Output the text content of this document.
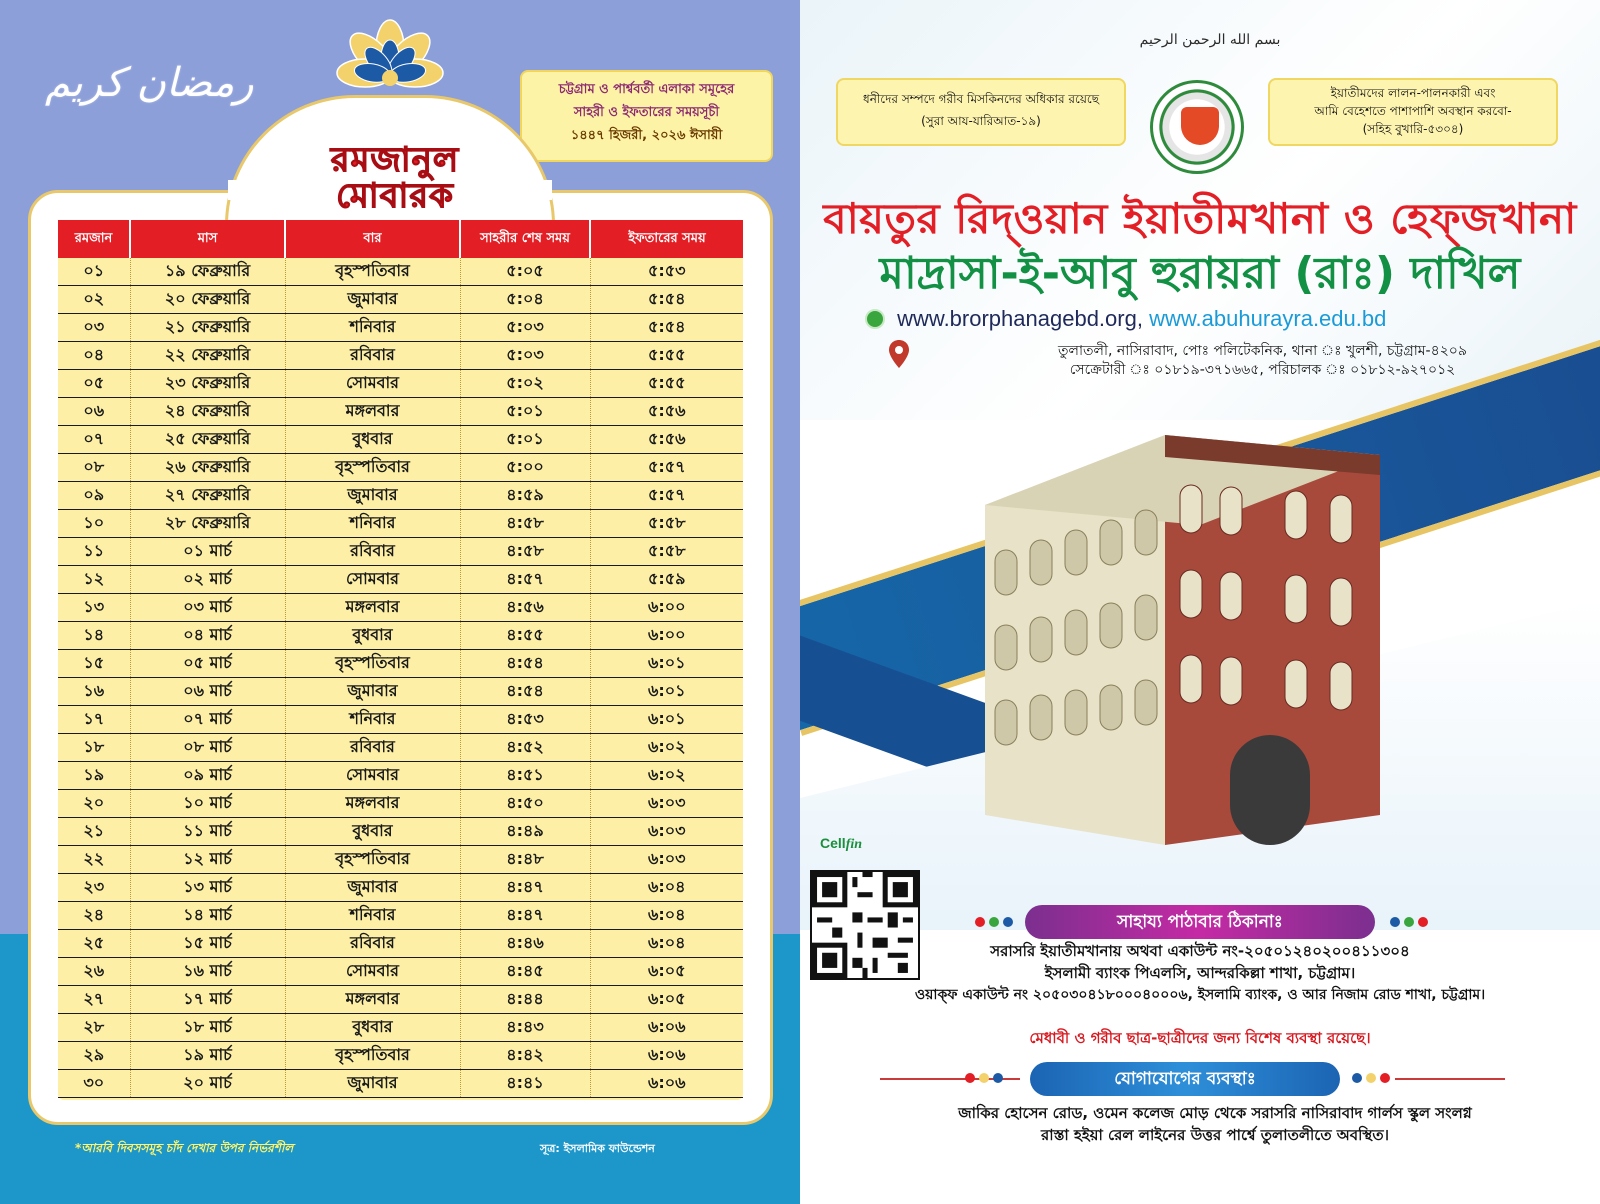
رمضان كريم	চট্টগ্রাম ও পার্শ্ববর্তী এলাকা সমূহের
সাহরী ও ইফতারের সময়সূচী
১৪৪৭ হিজরী, ২০২৬ ঈসায়ী
রমজানুল
মোবারক
রমজান	মাস	বার	সাহরীর শেষ সময়	ইফতারের সময়
০১	১৯ ফেব্রুয়ারি	বৃহস্পতিবার	৫:০৫	৫:৫৩
০২	২০ ফেব্রুয়ারি	জুমাবার	৫:০৪	৫:৫৪
০৩	২১ ফেব্রুয়ারি	শনিবার	৫:০৩	৫:৫৪
০৪	২২ ফেব্রুয়ারি	রবিবার	৫:০৩	৫:৫৫
০৫	২৩ ফেব্রুয়ারি	সোমবার	৫:০২	৫:৫৫
০৬	২৪ ফেব্রুয়ারি	মঙ্গলবার	৫:০১	৫:৫৬
০৭	২৫ ফেব্রুয়ারি	বুধবার	৫:০১	৫:৫৬
০৮	২৬ ফেব্রুয়ারি	বৃহস্পতিবার	৫:০০	৫:৫৭
০৯	২৭ ফেব্রুয়ারি	জুমাবার	৪:৫৯	৫:৫৭
১০	২৮ ফেব্রুয়ারি	শনিবার	৪:৫৮	৫:৫৮
১১	০১ মার্চ	রবিবার	৪:৫৮	৫:৫৮
১২	০২ মার্চ	সোমবার	৪:৫৭	৫:৫৯
১৩	০৩ মার্চ	মঙ্গলবার	৪:৫৬	৬:০০
১৪	০৪ মার্চ	বুধবার	৪:৫৫	৬:০০
১৫	০৫ মার্চ	বৃহস্পতিবার	৪:৫৪	৬:০১
১৬	০৬ মার্চ	জুমাবার	৪:৫৪	৬:০১
১৭	০৭ মার্চ	শনিবার	৪:৫৩	৬:০১
১৮	০৮ মার্চ	রবিবার	৪:৫২	৬:০২
১৯	০৯ মার্চ	সোমবার	৪:৫১	৬:০২
২০	১০ মার্চ	মঙ্গলবার	৪:৫০	৬:০৩
২১	১১ মার্চ	বুধবার	৪:৪৯	৬:০৩
২২	১২ মার্চ	বৃহস্পতিবার	৪:৪৮	৬:০৩
২৩	১৩ মার্চ	জুমাবার	৪:৪৭	৬:০৪
২৪	১৪ মার্চ	শনিবার	৪:৪৭	৬:০৪
২৫	১৫ মার্চ	রবিবার	৪:৪৬	৬:০৪
২৬	১৬ মার্চ	সোমবার	৪:৪৫	৬:০৫
২৭	১৭ মার্চ	মঙ্গলবার	৪:৪৪	৬:০৫
২৮	১৮ মার্চ	বুধবার	৪:৪৩	৬:০৬
২৯	১৯ মার্চ	বৃহস্পতিবার	৪:৪২	৬:০৬
৩০	২০ মার্চ	জুমাবার	৪:৪১	৬:০৬
*আরবি দিবসসমূহ চাঁদ দেখার উপর নির্ভরশীল	সূত্র: ইসলামিক ফাউন্ডেশন
بسم الله الرحمن الرحيم
ধনীদের সম্পদে গরীব মিসকিনদের অধিকার রয়েছে
(সুরা আয-যারিআত-১৯)
ইয়াতীমদের লালন-পালনকারী এবং
আমি বেহেশতে পাশাপাশি অবস্থান করবো-
(সহিহ বুখারি-৫৩০৪)
বায়তুর রিদ্ওয়ান ইয়াতীমখানা ও হেফ্জখানা
মাদ্রাসা-ই-আবু হুরায়রা (রাঃ) দাখিল
www.brorphanagebd.org, www.abuhurayra.edu.bd
তুলাতলী, নাসিরাবাদ, পোঃ পলিটেকনিক, থানা ঃ খুলশী, চট্টগ্রাম-৪২০৯
সেক্রেটারী ঃ ০১৮১৯-৩৭১৬৬৫, পরিচালক ঃ ০১৮১২-৯২৭০১২
Cellfin
সাহায্য পাঠাবার ঠিকানাঃ
সরাসরি ইয়াতীমখানায় অথবা একাউন্ট নং-২০৫০১২৪০২০০৪১১৩০৪
ইসলামী ব্যাংক পিএলসি, আন্দরকিল্লা শাখা, চট্টগ্রাম।
ওয়াক্ফ একাউন্ট নং ২০৫০৩০৪১৮০০০৪০০০৬, ইসলামি ব্যাংক, ও আর নিজাম রোড শাখা, চট্টগ্রাম।
মেধাবী ও গরীব ছাত্র-ছাত্রীদের জন্য বিশেষ ব্যবস্থা রয়েছে।
যোগাযোগের ব্যবস্থাঃ
জাকির হোসেন রোড, ওমেন কলেজ মোড় থেকে সরাসরি নাসিরাবাদ গার্লস স্কুল সংলগ্ন
রাস্তা হইয়া রেল লাইনের উত্তর পার্শ্বে তুলাতলীতে অবস্থিত।
